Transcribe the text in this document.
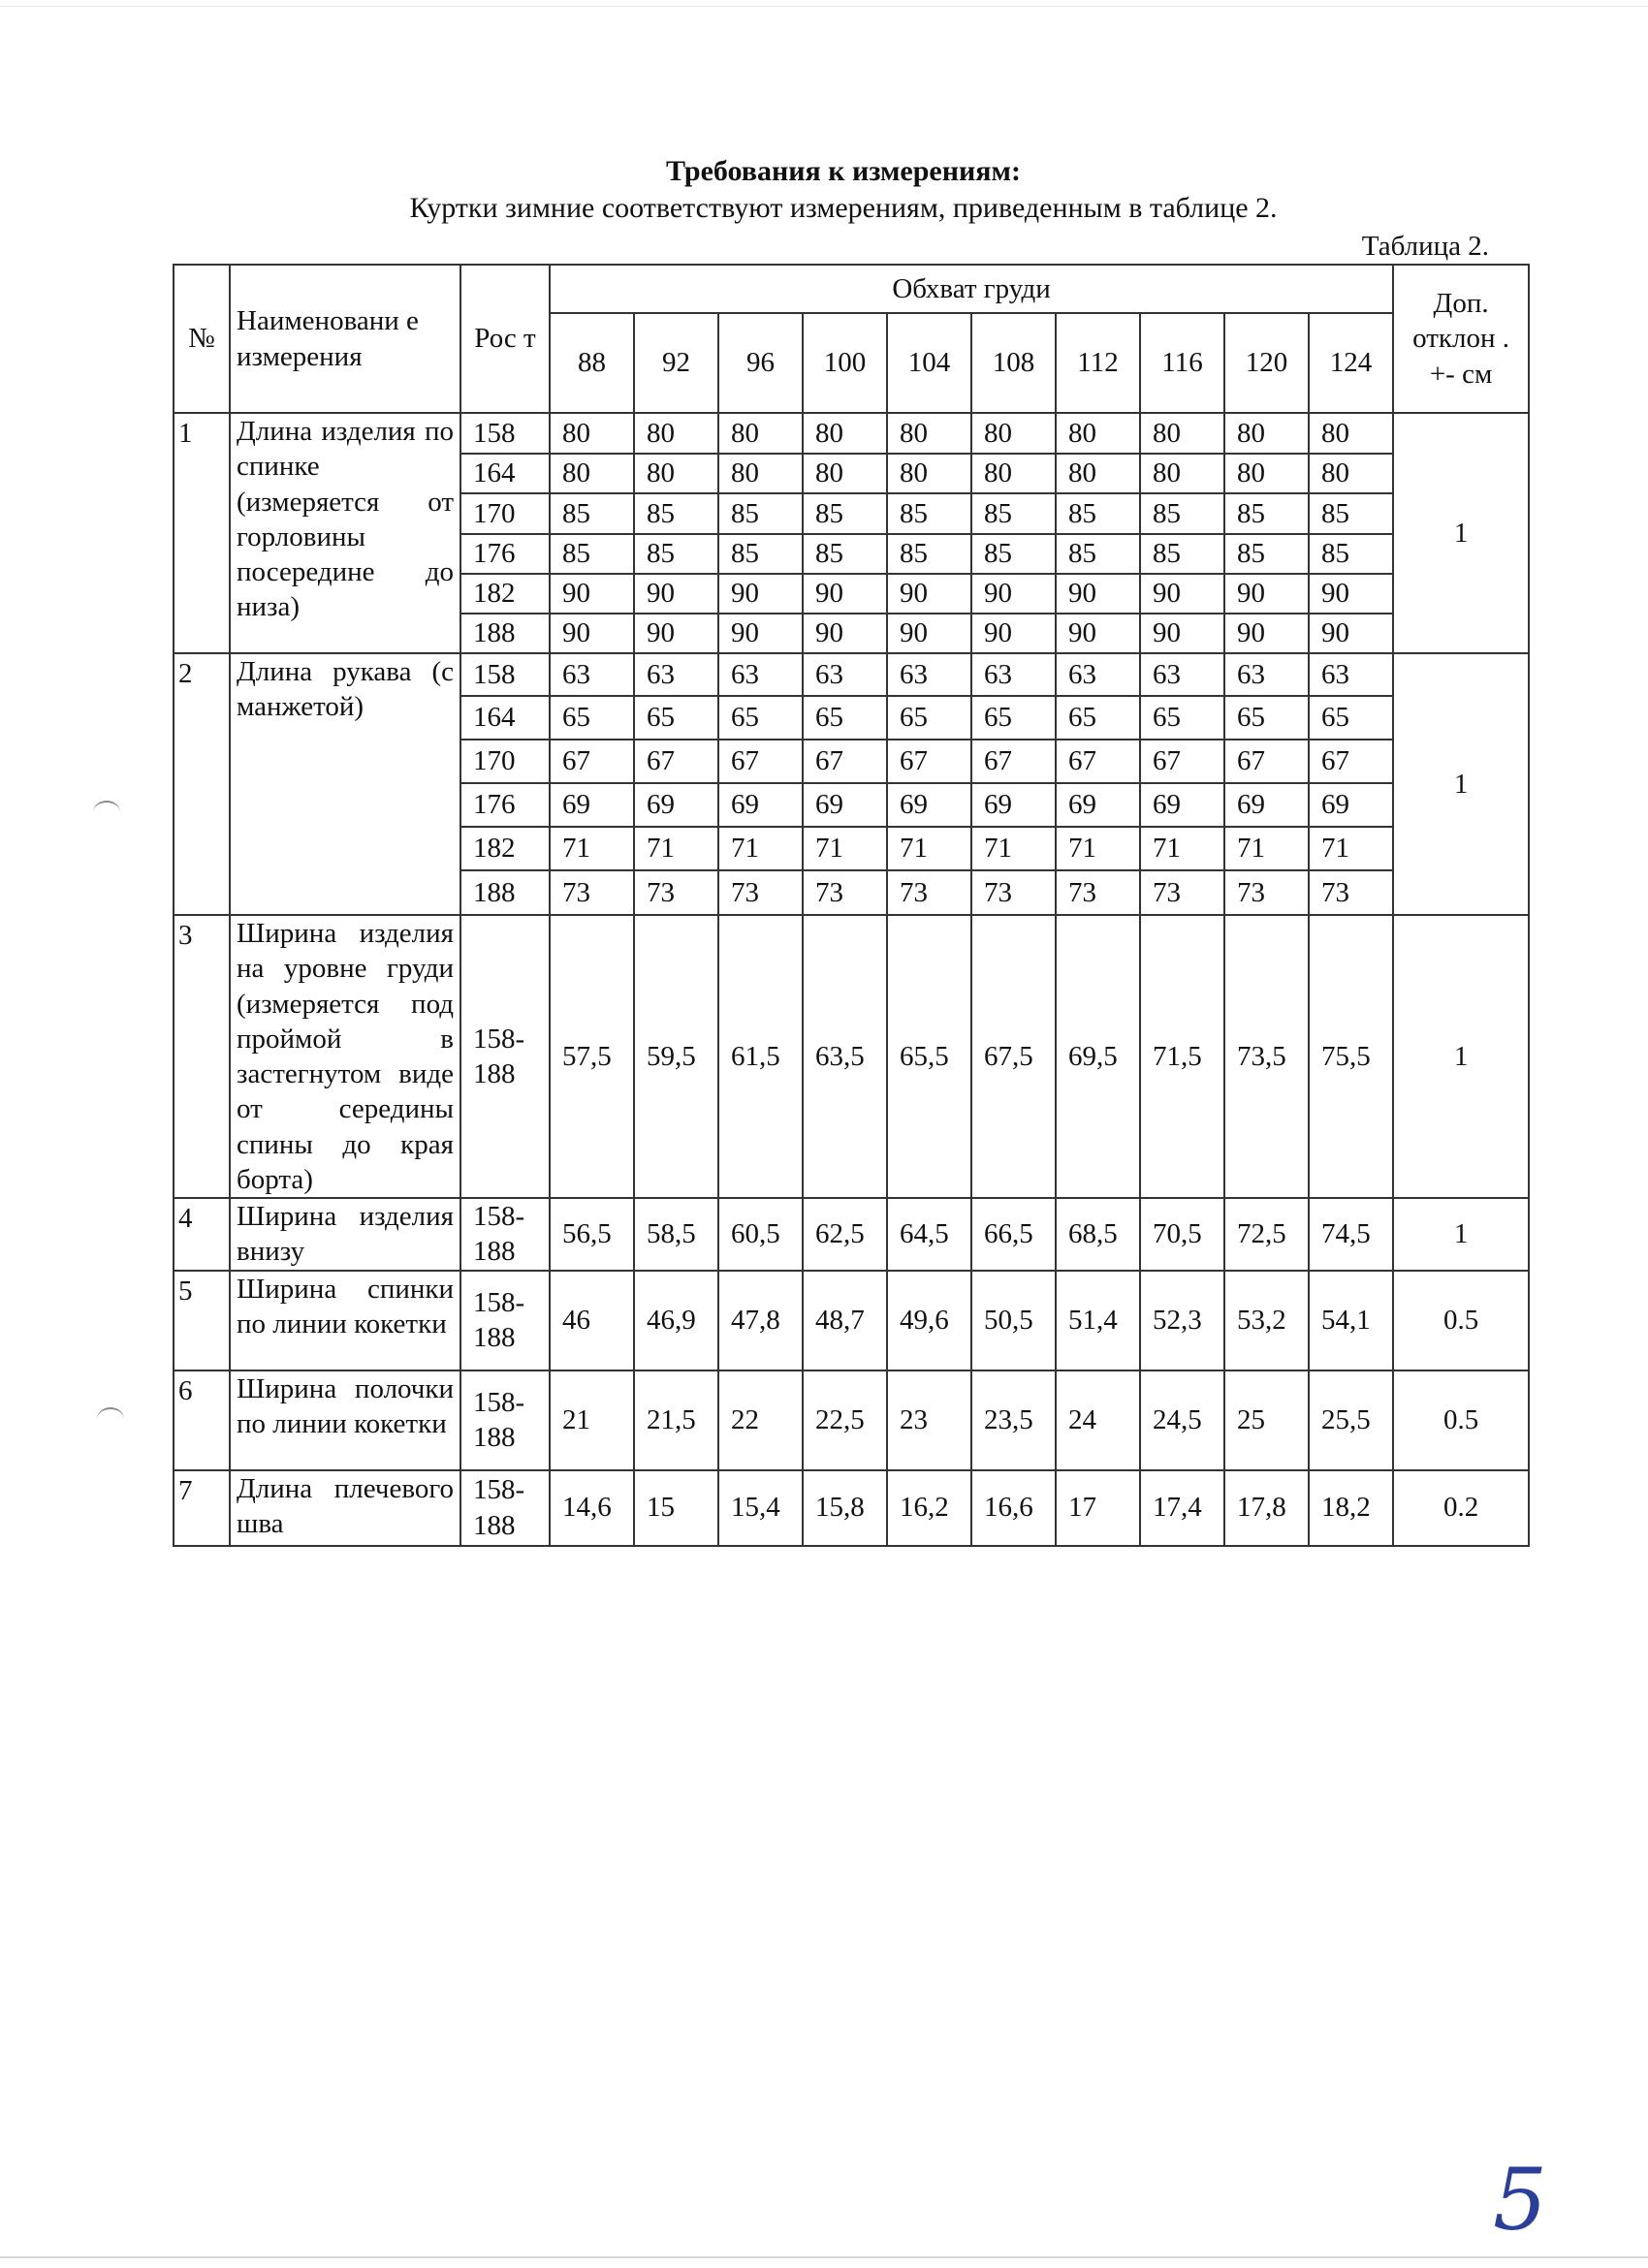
Требования к измерениям:

Куртки зимние соответствуют измерениям, приведенным в таблице 2.

Таблица 2.
№	Наименовани е измерения	Рос т	Обхват груди										Доп. отклон . +- см
			88	92	96	100	104	108	112	116	120	124	
1	Длина изделия по спинке (измеряется от горловины посередине до низа)	158	80	80	80	80	80	80	80	80	80	80	1
		164	80	80	80	80	80	80	80	80	80	80	
		170	85	85	85	85	85	85	85	85	85	85	
		176	85	85	85	85	85	85	85	85	85	85	
		182	90	90	90	90	90	90	90	90	90	90	
		188	90	90	90	90	90	90	90	90	90	90	
2	Длина рукава (с манжетой)	158	63	63	63	63	63	63	63	63	63	63	1
		164	65	65	65	65	65	65	65	65	65	65	
		170	67	67	67	67	67	67	67	67	67	67	
		176	69	69	69	69	69	69	69	69	69	69	
		182	71	71	71	71	71	71	71	71	71	71	
		188	73	73	73	73	73	73	73	73	73	73	
3	Ширина изделия на уровне груди (измеряется под проймой в застегнутом виде от середины спины до края борта)	158-188	57,5	59,5	61,5	63,5	65,5	67,5	69,5	71,5	73,5	75,5	1
4	Ширина изделия внизу	158-188	56,5	58,5	60,5	62,5	64,5	66,5	68,5	70,5	72,5	74,5	1
5	Ширина спинки по линии кокетки	158-188	46	46,9	47,8	48,7	49,6	50,5	51,4	52,3	53,2	54,1	0.5
6	Ширина полочки по линии кокетки	158-188	21	21,5	22	22,5	23	23,5	24	24,5	25	25,5	0.5
7	Длина плечевого шва	158-188	14,6	15	15,4	15,8	16,2	16,6	17	17,4	17,8	18,2	0.2
5
